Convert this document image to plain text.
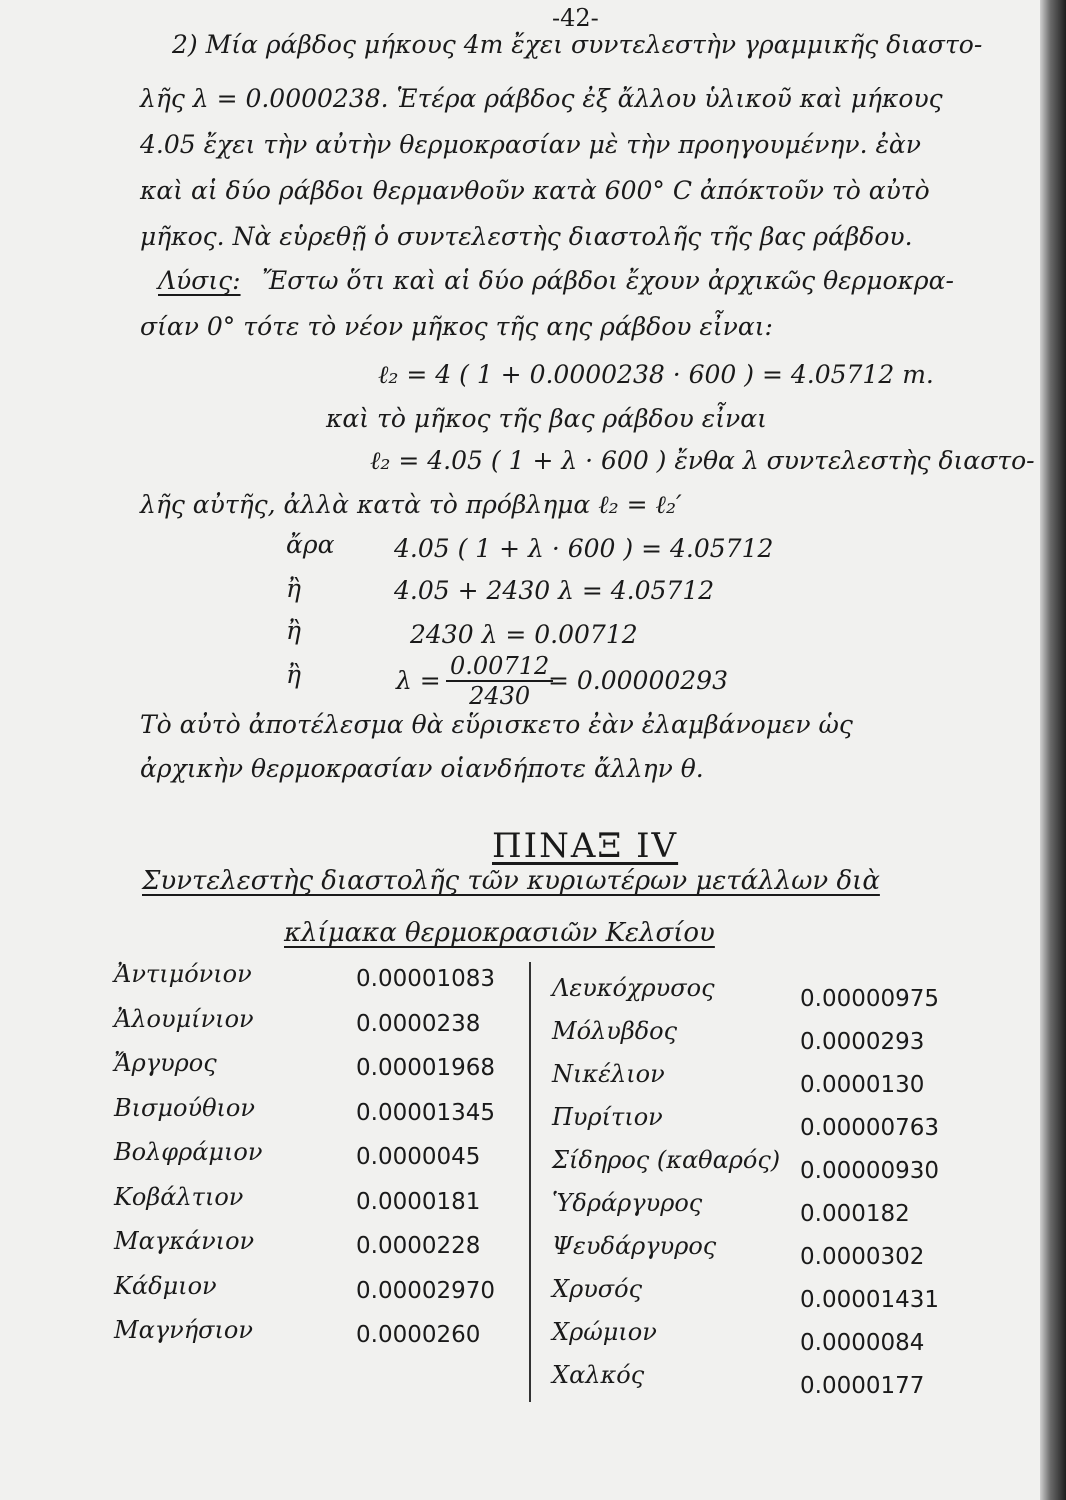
-42-
2) Μία ράβδος μήκους 4m ἔχει συντελεστὴν γραμμικῆς διαστο-
λῆς λ = 0.0000238. Ἑτέρα ράβδος ἐξ ἄλλου ὑλικοῦ καὶ μήκους
4.05 ἔχει τὴν αὐτὴν θερμοκρασίαν μὲ τὴν προηγουμένην. ἐὰν
καὶ αἱ δύο ράβδοι θερμανθοῦν κατὰ 600° C ἀπόκτοῦν τὸ αὐτὸ
μῆκος. Νὰ εὑρεθῇ ὁ συντελεστὴς διαστολῆς τῆς βας ράβδου.
Λύσις: Ἔστω ὅτι καὶ αἱ δύο ράβδοι ἔχουν ἀρχικῶς θερμοκρα-
σίαν 0° τότε τὸ νέον μῆκος τῆς αης ράβδου εἶναι:
ℓ₂ = 4 ( 1 + 0.0000238 · 600 ) = 4.05712 m.
καὶ τὸ μῆκος τῆς βας ράβδου εἶναι
ℓ₂ = 4.05 ( 1 + λ · 600 ) ἔνθα λ συντελεστὴς διαστο-
λῆς αὐτῆς, ἀλλὰ κατὰ τὸ πρόβλημα ℓ₂ = ℓ₂′
ἄρα 4.05 ( 1 + λ · 600 ) = 4.05712
ἢ	4.05 + 2430 λ = 4.05712
ἢ	2430 λ = 0.00712
ἢ	$\lambda = \frac{0.00712}{2430}$
= 0.00000293
Τὸ αὐτὸ ἀποτέλεσμα θὰ εὕρισκετο ἐὰν ἐλαμβάνομεν ὡς
ἀρχικὴν θερμοκρασίαν οἱανδήποτε ἄλλην θ.
ΠΙΝΑΞ IV
Συντελεστὴς διαστολῆς τῶν κυριωτέρων μετάλλων διὰ
κλίμακα θερμοκρασιῶν Κελσίου
Ἀντιμόνιον	0.00001083
Ἀλουμίνιον	0.0000238
Ἄργυρος	0.00001968
Βισμούθιον	0.00001345
Βολφράμιον	0.0000045
Κοβάλτιον	0.0000181
Μαγκάνιον	0.0000228
Κάδμιον	0.00002970
Μαγνήσιον	0.0000260
Λευκόχρυσος	0.00000975
Μόλυβδος	0.0000293
Νικέλιον	0.0000130
Πυρίτιον	0.00000763
Σίδηρος (καθαρός) 0.00000930
Ὑδράργυρος	0.000182
Ψευδάργυρος	0.0000302
Χρυσός	0.00001431
Χρώμιον	0.0000084
Χαλκός	0.0000177
